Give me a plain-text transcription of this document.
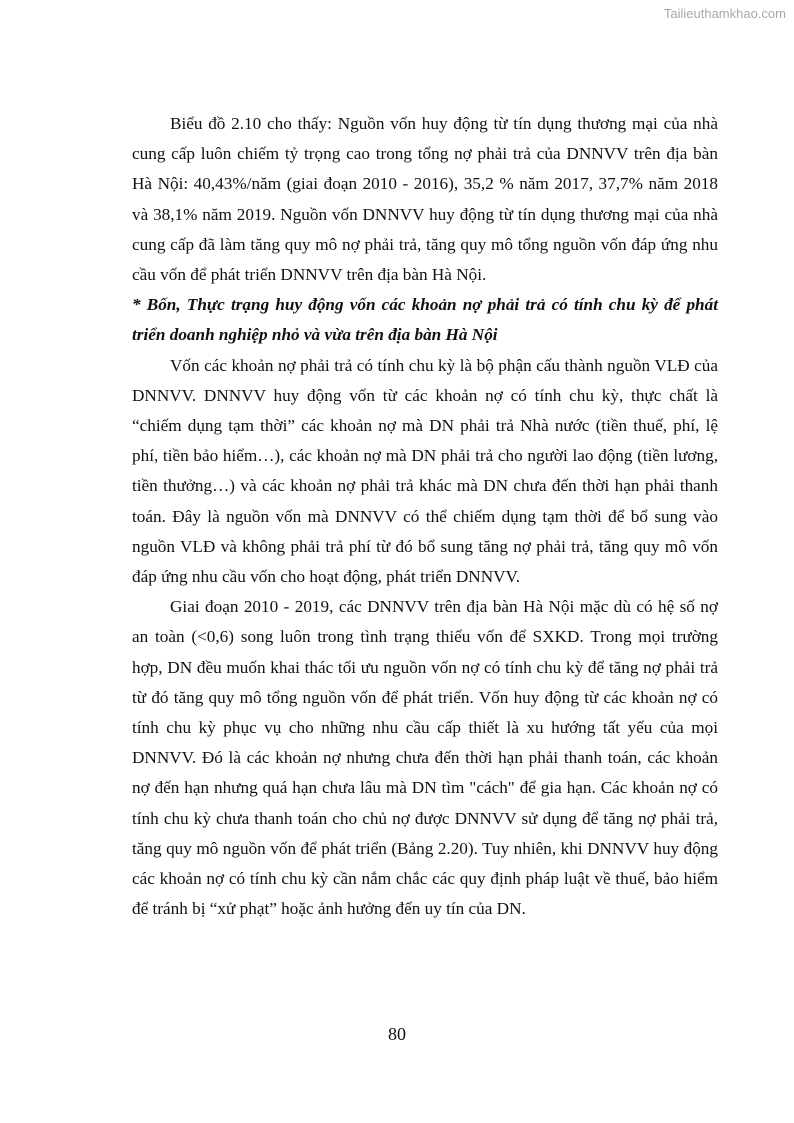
Tailieuthamkhao.com

Biểu đồ 2.10 cho thấy: Nguồn vốn huy động từ tín dụng thương mại của nhà cung cấp luôn chiếm tỷ trọng cao trong tổng nợ phải trả của DNNVV trên địa bàn Hà Nội: 40,43%/năm (giai đoạn 2010 - 2016), 35,2 % năm 2017, 37,7% năm 2018 và 38,1% năm 2019. Nguồn vốn DNNVV huy động từ tín dụng thương mại của nhà cung cấp đã làm tăng quy mô nợ phải trả, tăng quy mô tổng nguồn vốn đáp ứng nhu cầu vốn để phát triển DNNVV trên địa bàn Hà Nội.

* Bốn, Thực trạng huy động vốn các khoản nợ phải trả có tính chu kỳ để phát triển doanh nghiệp nhỏ và vừa trên địa bàn Hà Nội

Vốn các khoản nợ phải trả có tính chu kỳ là bộ phận cấu thành nguồn VLĐ của DNNVV. DNNVV huy động vốn từ các khoản nợ có tính chu kỳ, thực chất là “chiếm dụng tạm thời” các khoản nợ mà DN phải trả Nhà nước (tiền thuế, phí, lệ phí, tiền bảo hiểm…), các khoản nợ mà DN phải trả cho người lao động (tiền lương, tiền thưởng…) và các khoản nợ phải trả khác mà DN chưa đến thời hạn phải thanh toán. Đây là nguồn vốn mà DNNVV có thể chiếm dụng tạm thời để bổ sung vào nguồn VLĐ và không phải trả phí từ đó bổ sung tăng nợ phải trả, tăng quy mô vốn đáp ứng nhu cầu vốn cho hoạt động, phát triển DNNVV.

Giai đoạn 2010 - 2019, các DNNVV trên địa bàn Hà Nội mặc dù có hệ số nợ an toàn (<0,6) song luôn trong tình trạng thiếu vốn để SXKD. Trong mọi trường hợp, DN đều muốn khai thác tối ưu nguồn vốn nợ có tính chu kỳ để tăng nợ phải trả từ đó tăng quy mô tổng nguồn vốn để phát triển. Vốn huy động từ các khoản nợ có tính chu kỳ phục vụ cho những nhu cầu cấp thiết là xu hướng tất yếu của mọi DNNVV. Đó là các khoản nợ nhưng chưa đến thời hạn phải thanh toán, các khoản nợ đến hạn nhưng quá hạn chưa lâu mà DN tìm "cách" để gia hạn. Các khoản nợ có tính chu kỳ chưa thanh toán cho chủ nợ được DNNVV sử dụng để tăng nợ phải trả, tăng quy mô nguồn vốn để phát triển (Bảng 2.20). Tuy nhiên, khi DNNVV huy động các khoản nợ có tính chu kỳ cần nắm chắc các quy định pháp luật về thuế, bảo hiểm để tránh bị “xử phạt” hoặc ảnh hưởng đến uy tín của DN.

80
